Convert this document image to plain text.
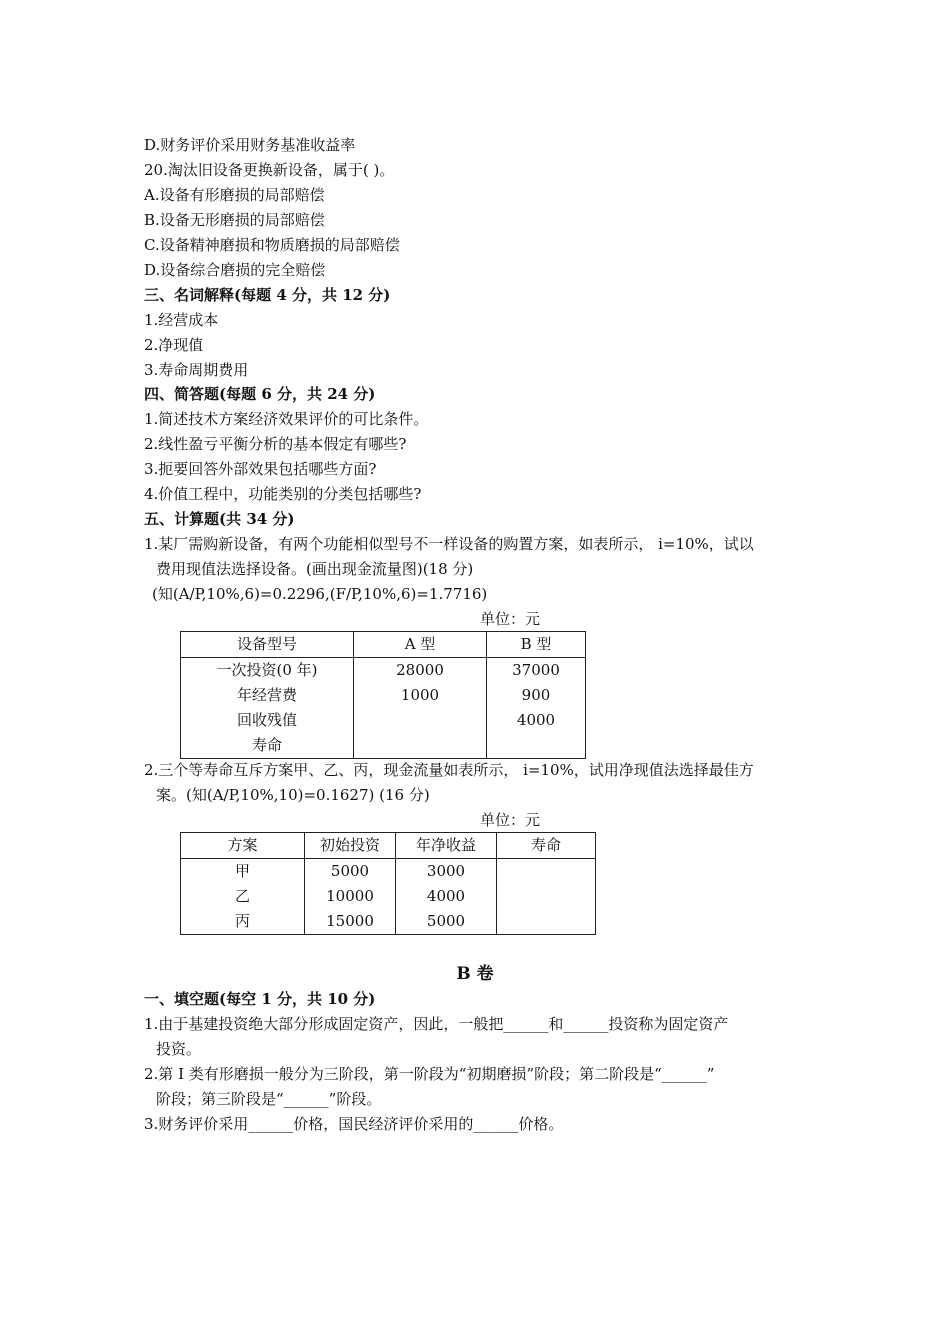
D.财务评价采用财务基准收益率
20.淘汰旧设备更换新设备，属于( )。
A.设备有形磨损的局部赔偿
B.设备无形磨损的局部赔偿
C.设备精神磨损和物质磨损的局部赔偿
D.设备综合磨损的完全赔偿
三、名词解释(每题 4 分，共 12 分)
1.经营成本
2.净现值
3.寿命周期费用
四、简答题(每题 6 分，共 24 分)
1.简述技术方案经济效果评价的可比条件。
2.线性盈亏平衡分析的基本假定有哪些?
3.扼要回答外部效果包括哪些方面?
4.价值工程中，功能类别的分类包括哪些?
五、计算题(共 34 分)
1.某厂需购新设备，有两个功能相似型号不一样设备的购置方案，如表所示， i=10%，试以
费用现值法选择设备。(画出现金流量图)(18 分)
(知(A/P,10%,6)=0.2296,(F/P,10%,6)=1.7716)
单位：元
设备型号	A 型	B 型
一次投资(0 年)	28000	37000
年经营费	1000	900
回收残值		4000
寿命		
2.三个等寿命互斥方案甲、乙、丙，现金流量如表所示， i=10%，试用净现值法选择最佳方
案。(知(A/P,10%,10)=0.1627) (16 分)
单位：元
方案	初始投资	年净收益	寿命
甲	5000	3000	
乙	10000	4000	
丙	15000	5000	
B 卷
一、填空题(每空 1 分，共 10 分)
1.由于基建投资绝大部分形成固定资产，因此，一般把______和______投资称为固定资产
投资。
2.第 I 类有形磨损一般分为三阶段，第一阶段为“初期磨损”阶段；第二阶段是“______”
阶段；第三阶段是“______”阶段。
3.财务评价采用______价格，国民经济评价采用的______价格。
